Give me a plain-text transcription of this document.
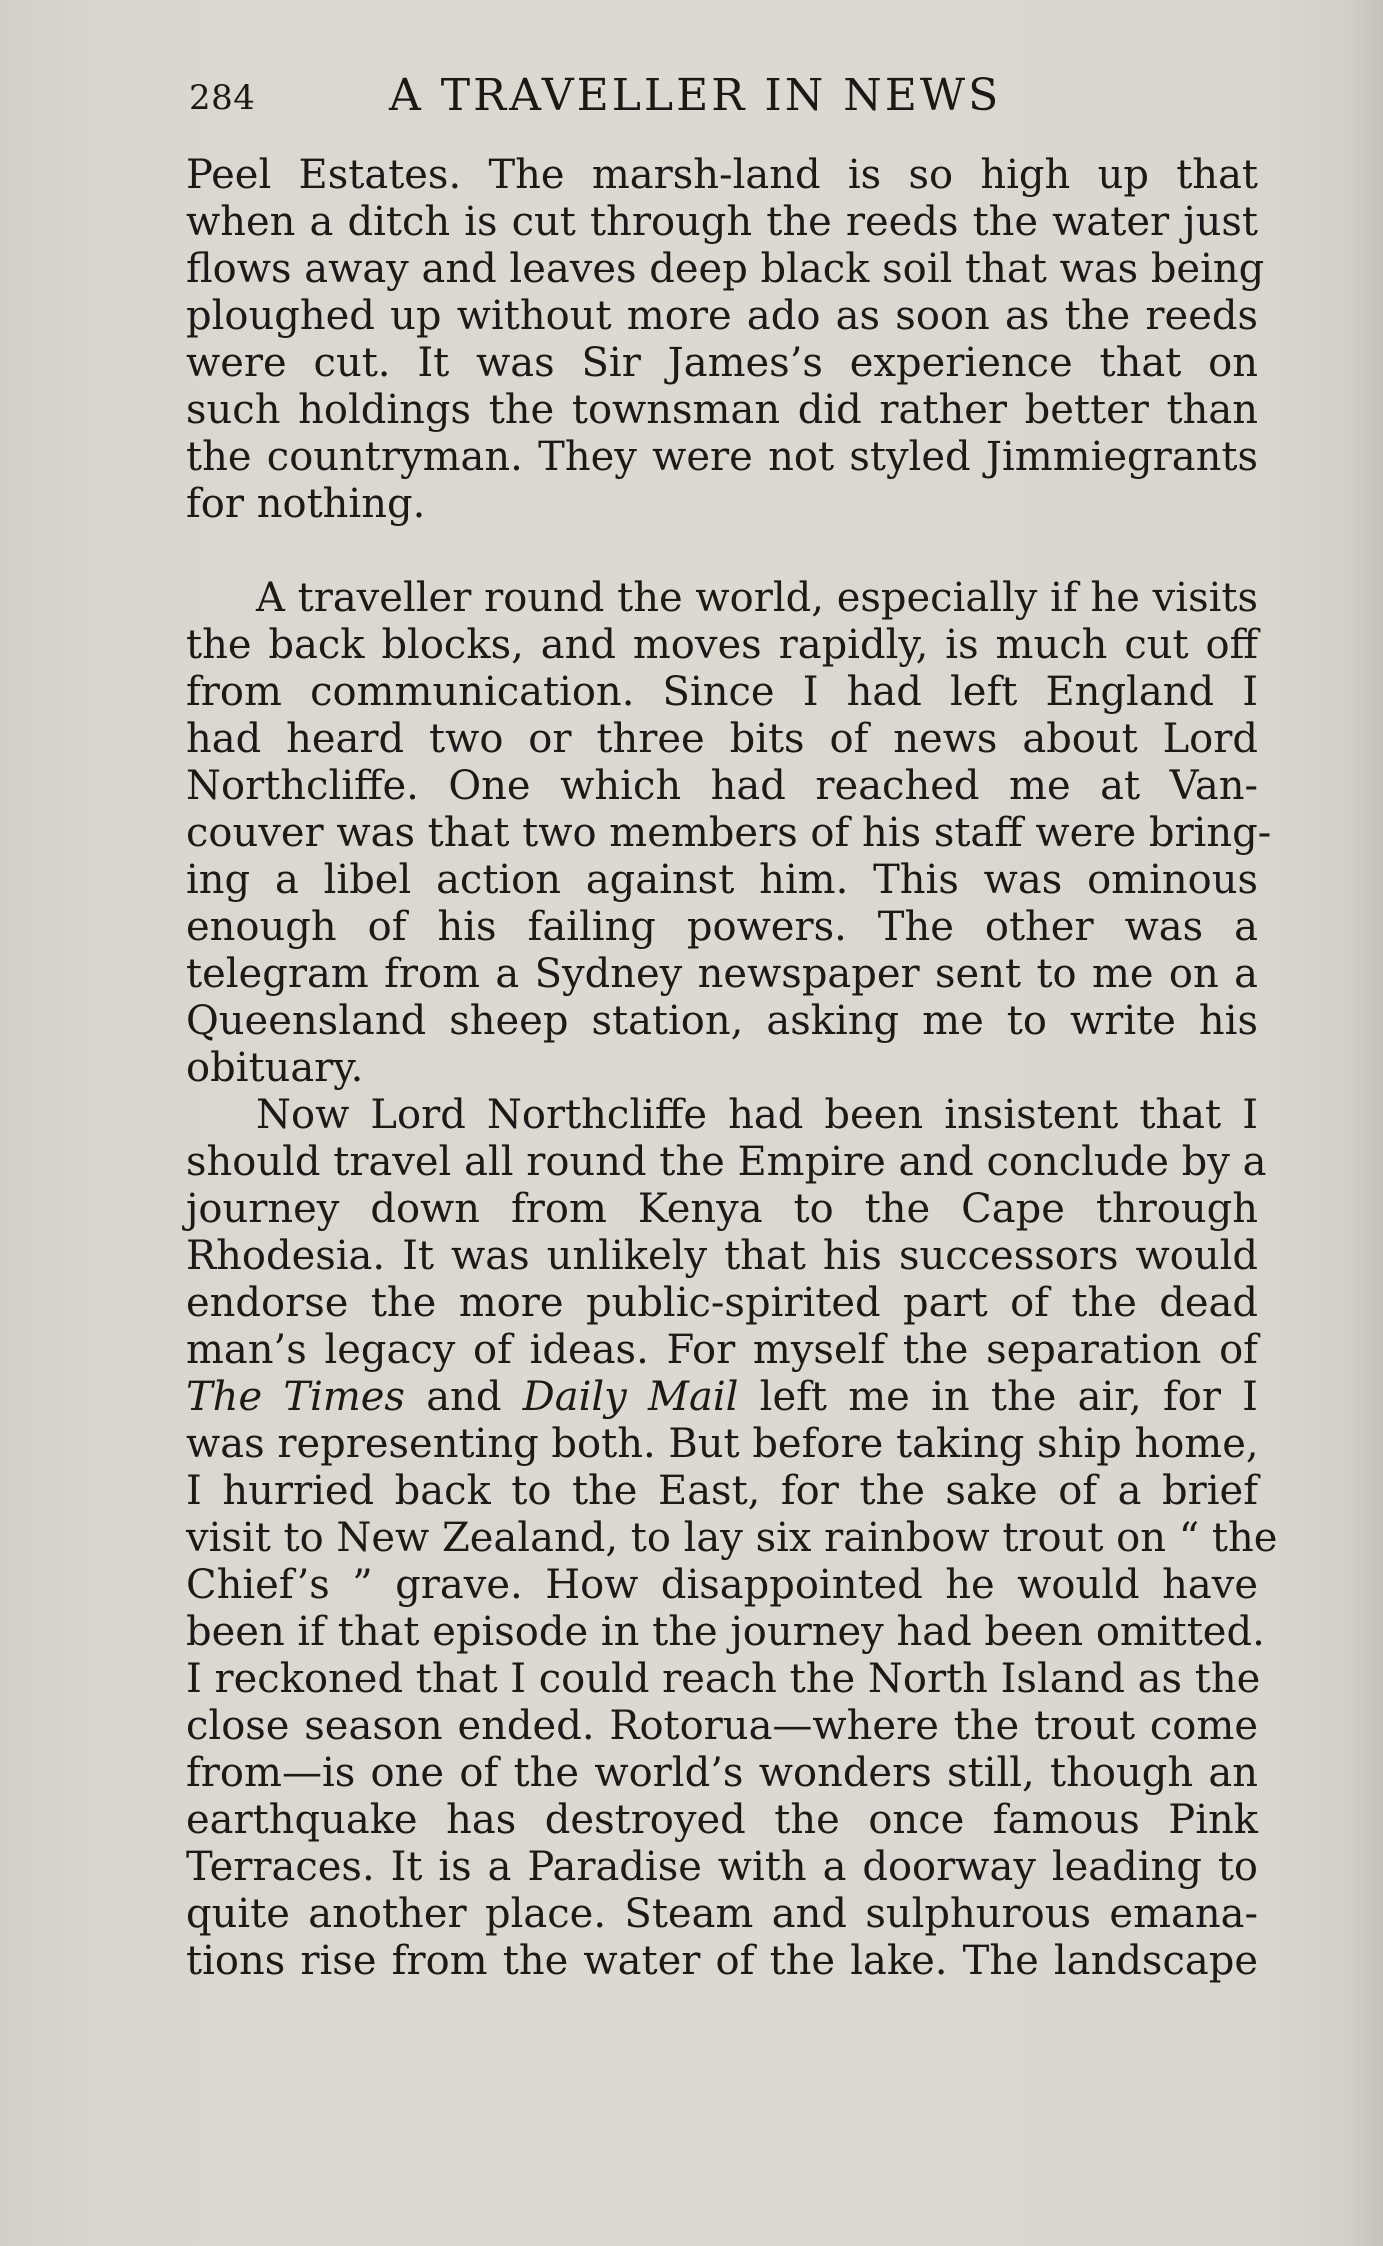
284	A TRAVELLER IN NEWS
Peel Estates. The marsh-land is so high up that
when a ditch is cut through the reeds the water just
flows away and leaves deep black soil that was being
ploughed up without more ado as soon as the reeds
were cut. It was Sir James’s experience that on
such holdings the townsman did rather better than
the countryman. They were not styled Jimmiegrants
for nothing.
A traveller round the world, especially if he visits
the back blocks, and moves rapidly, is much cut off
from communication. Since I had left England I
had heard two or three bits of news about Lord
Northcliffe. One which had reached me at Van-
couver was that two members of his staff were bring-
ing a libel action against him. This was ominous
enough of his failing powers. The other was a
telegram from a Sydney newspaper sent to me on a
Queensland sheep station, asking me to write his
obituary.
Now Lord Northcliffe had been insistent that I
should travel all round the Empire and conclude by a
journey down from Kenya to the Cape through
Rhodesia. It was unlikely that his successors would
endorse the more public-spirited part of the dead
man’s legacy of ideas. For myself the separation of
The Times and Daily Mail left me in the air, for I
was representing both. But before taking ship home,
I hurried back to the East, for the sake of a brief
visit to New Zealand, to lay six rainbow trout on “ the
Chief’s ” grave. How disappointed he would have
been if that episode in the journey had been omitted.
I reckoned that I could reach the North Island as the
close season ended. Rotorua—where the trout come
from—is one of the world’s wonders still, though an
earthquake has destroyed the once famous Pink
Terraces. It is a Paradise with a doorway leading to
quite another place. Steam and sulphurous emana-
tions rise from the water of the lake. The landscape
